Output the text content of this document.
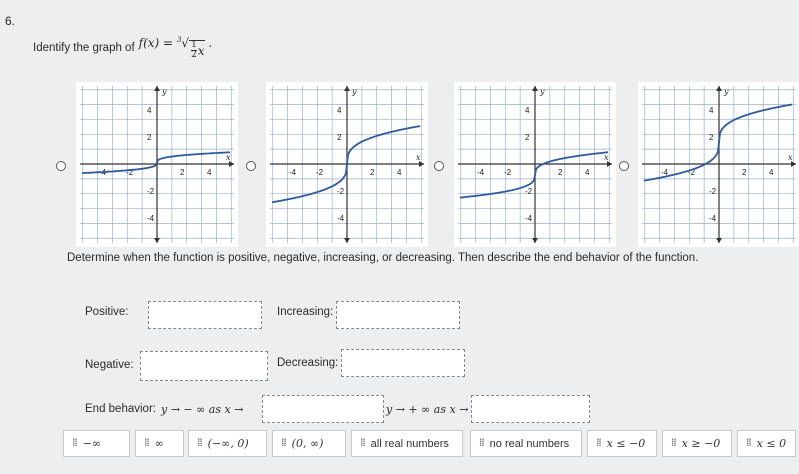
6.
Identify the graph of $f(x) = ^3√ \frac{1}{2}$ x
.
-4 -2	2	4
4
2
-2
-4
x
y
-4 -2	2	4
4
2
-2
-4
x
y
-4 -2	2	4
4
2
-2
-4
x
y
-4 -2	2	4
4
2
-2
-4
x
y
Determine when the function is positive, negative, increasing, or decreasing. Then describe the end behavior of the function.
Positive:	Increasing:
Negative:	Decreasing:
End behavior: y → − ∞ as x →	y → + ∞ as x →
⁞⁞ −∞	⁞⁞ ∞	⁞⁞ (−∞, 0)	⁞⁞ (0, ∞)	⁞⁞ all real numbers	⁞⁞ no real numbers	⁞⁞ x ≤ −0	⁞⁞ x ≥ −0	⁞⁞ x ≤ 0
